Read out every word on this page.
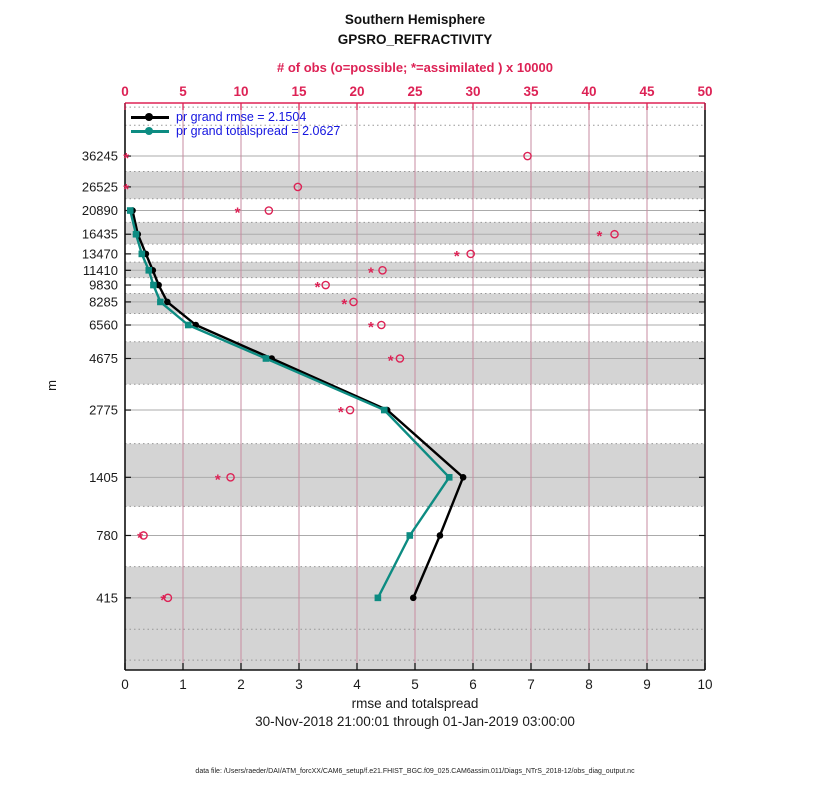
Southern Hemisphere
GPSRO_REFRACTIVITY
# of obs (o=possible; *=assimilated ) x 10000
0	5	10	15	20	25	30	35	40	45	50
0	1	2	3	4	5	6	7	8	9	10
36245
26525
20890
16435
13470
11410
9830
8285
6560
4675
2775
1405
780
415
*
*
*
*
*
*
*
*
*
*
*
*
*
*
pr grand rmse = 2.1504
pr grand totalspread = 2.0627
m
rmse and totalspread
30-Nov-2018 21:00:01 through 01-Jan-2019 03:00:00
data file: /Users/raeder/DAI/ATM_forcXX/CAM6_setup/f.e21.FHIST_BGC.f09_025.CAM6assim.011/Diags_NTrS_2018-12/obs_diag_output.nc
